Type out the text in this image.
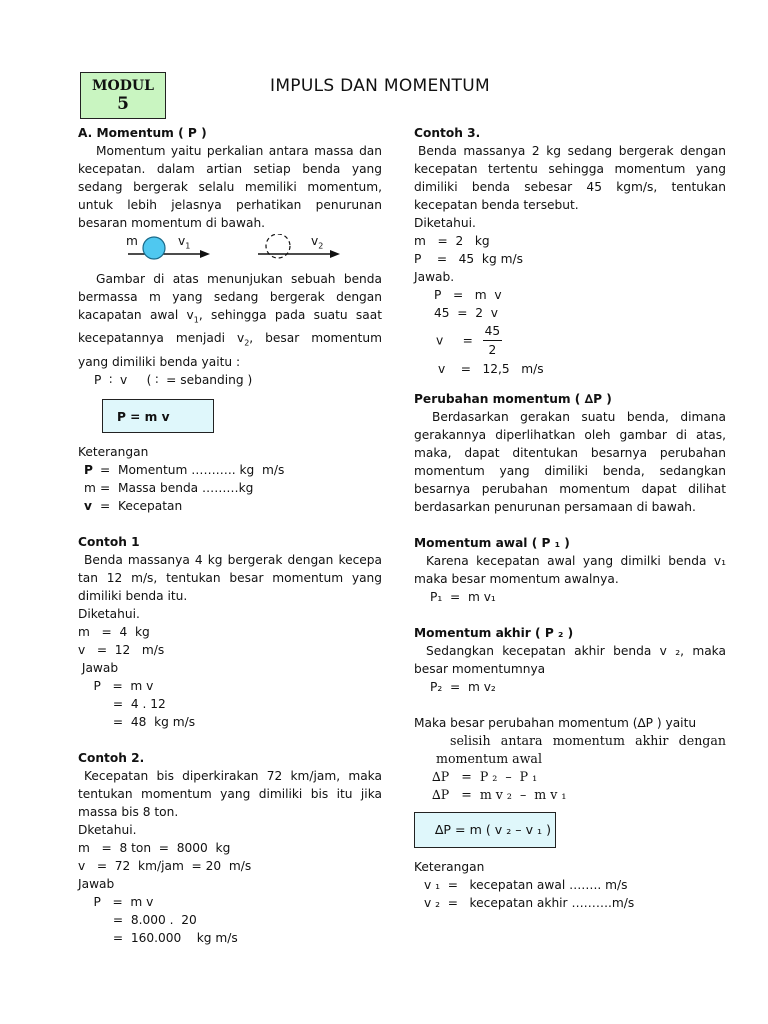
MODUL
5
IMPULS DAN MOMENTUM
A. Momentum ( P )
Momentum yaitu perkalian antara massa dan kecepatan. dalam artian setiap benda yang sedang bergerak selalu memiliki momentum, untuk lebih jelasnya perhatikan penurunan besaran momentum di bawah.
m	$v_1$	$v_2$
Gambar di atas menunjukan sebuah benda bermassa m yang sedang bergerak dengan kacapatan awal $v_1$, sehingga pada suatu saat kecepatannya menjadi $v_2$, besar momentum yang dimiliki benda yaitu :
P  ∶  v     ( ∶  = sebanding )
P = m v
Keterangan
P =  Momentum ……….. kg  m/s
m =  Massa benda ………kg
v =  Kecepatan
Contoh 1
Benda massanya 4 kg bergerak dengan kecepa tan 12 m/s, tentukan besar momentum yang dimiliki benda itu.
Diketahui.
m   =  4  kg
v   =  12   m/s
Jawab
P   =  m v
=  4 . 12
=  48  kg m/s
Contoh 2.
Kecepatan bis diperkirakan 72 km/jam, maka tentukan momentum yang dimiliki bis itu jika massa bis 8 ton.
Dketahui.
m   =  8 ton  =  8000  kg
v   =  72  km/jam  = 20  m/s
Jawab
P   =  m v
=  8.000 .  20
=  160.000    kg m/s
Contoh 3.
Benda massanya 2 kg sedang bergerak dengan kecepatan tertentu sehingga momentum yang dimiliki benda sebesar 45 kgm/s, tentukan kecepatan benda tersebut.
Diketahui.
m   =  2   kg
P    =   45  kg m/s
Jawab.
P   =   m  v
45  =  2  v
v     = $\frac{45}{2}$
v    =   12,5   m/s
Perubahan momentum ( ∆P )
Berdasarkan gerakan suatu benda, dimana gerakannya diperlihatkan oleh gambar di atas, maka, dapat ditentukan besarnya perubahan momentum yang dimiliki benda, sedangkan besarnya perubahan momentum dapat dilihat berdasarkan penurunan persamaan di bawah.
Momentum awal ( P ₁ )
Karena kecepatan awal yang dimilki benda v₁ maka besar momentum awalnya.
P₁  =  m v₁
Momentum akhir ( P ₂ )
Sedangkan kecepatan akhir benda v ₂, maka besar momentumnya
P₂  =  m v₂
Maka besar perubahan momentum (∆P ) yaitu
selisih antara momentum akhir dengan momentum awal
∆P   =  P ₂  –  P ₁
∆P   =  m v ₂  –  m v ₁
∆P = m ( v ₂ – v ₁ )
Keterangan
v ₁  =   kecepatan awal …….. m/s
v ₂  =   kecepatan akhir ……….m/s
